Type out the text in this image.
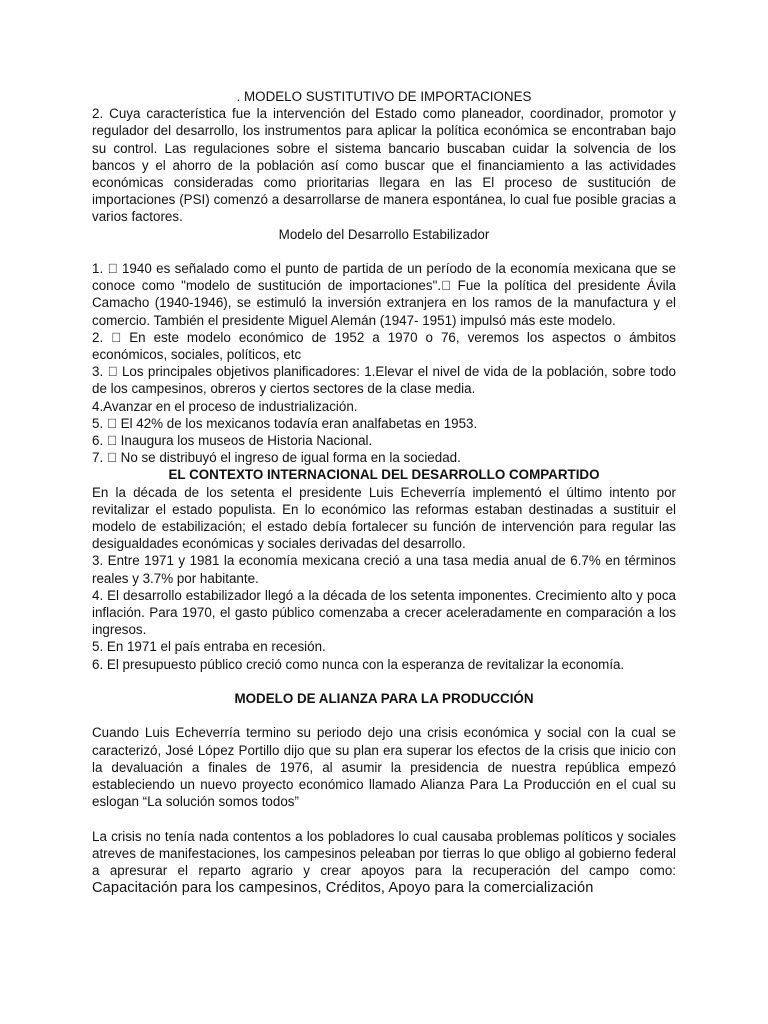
. MODELO SUSTITUTIVO DE IMPORTACIONES
2. Cuya característica fue la intervención del Estado como planeador, coordinador, promotor y regulador del desarrollo, los instrumentos para aplicar la política económica se encontraban bajo su control. Las regulaciones sobre el sistema bancario buscaban cuidar la solvencia de los bancos y el ahorro de la población así como buscar que el financiamiento a las actividades económicas consideradas como prioritarias llegara en las El proceso de sustitución de importaciones (PSI) comenzó a desarrollarse de manera espontánea, lo cual fue posible gracias a varios factores.
Modelo del Desarrollo Estabilizador
1. 1940 es señalado como el punto de partida de un período de la economía mexicana que se conoce como "modelo de sustitución de importaciones". Fue la política del presidente Ávila Camacho (1940-1946), se estimuló la inversión extranjera en los ramos de la manufactura y el comercio. También el presidente Miguel Alemán (1947- 1951) impulsó más este modelo.
2. En este modelo económico de 1952 a 1970 o 76, veremos los aspectos o ámbitos económicos, sociales, políticos, etc
3. Los principales objetivos planificadores: 1.Elevar el nivel de vida de la población, sobre todo de los campesinos, obreros y ciertos sectores de la clase media.
4.Avanzar en el proceso de industrialización.
5. El 42% de los mexicanos todavía eran analfabetas en 1953.
6. Inaugura los museos de Historia Nacional.
7. No se distribuyó el ingreso de igual forma en la sociedad.
EL CONTEXTO INTERNACIONAL DEL DESARROLLO COMPARTIDO
En la década de los setenta el presidente Luis Echeverría implementó el último intento por revitalizar el estado populista. En lo económico las reformas estaban destinadas a sustituir el modelo de estabilización; el estado debía fortalecer su función de intervención para regular las desigualdades económicas y sociales derivadas del desarrollo.
3. Entre 1971 y 1981 la economía mexicana creció a una tasa media anual de 6.7% en términos reales y 3.7% por habitante.
4. El desarrollo estabilizador llegó a la década de los setenta imponentes. Crecimiento alto y poca inflación. Para 1970, el gasto público comenzaba a crecer aceleradamente en comparación a los ingresos.
5. En 1971 el país entraba en recesión.
6. El presupuesto público creció como nunca con la esperanza de revitalizar la economía.
MODELO DE ALIANZA PARA LA PRODUCCIÓN
Cuando Luis Echeverría termino su periodo dejo una crisis económica y social con la cual se caracterizó, José López Portillo dijo que su plan era superar los efectos de la crisis que inicio con la devaluación a finales de 1976, al asumir la presidencia de nuestra república empezó estableciendo un nuevo proyecto económico llamado Alianza Para La Producción en el cual su eslogan “La solución somos todos”
La crisis no tenía nada contentos a los pobladores lo cual causaba problemas políticos y sociales atreves de manifestaciones, los campesinos peleaban por tierras lo que obligo al gobierno federal a apresurar el reparto agrario y crear apoyos para la recuperación del campo como: Capacitación para los campesinos, Créditos, Apoyo para la comercialización
